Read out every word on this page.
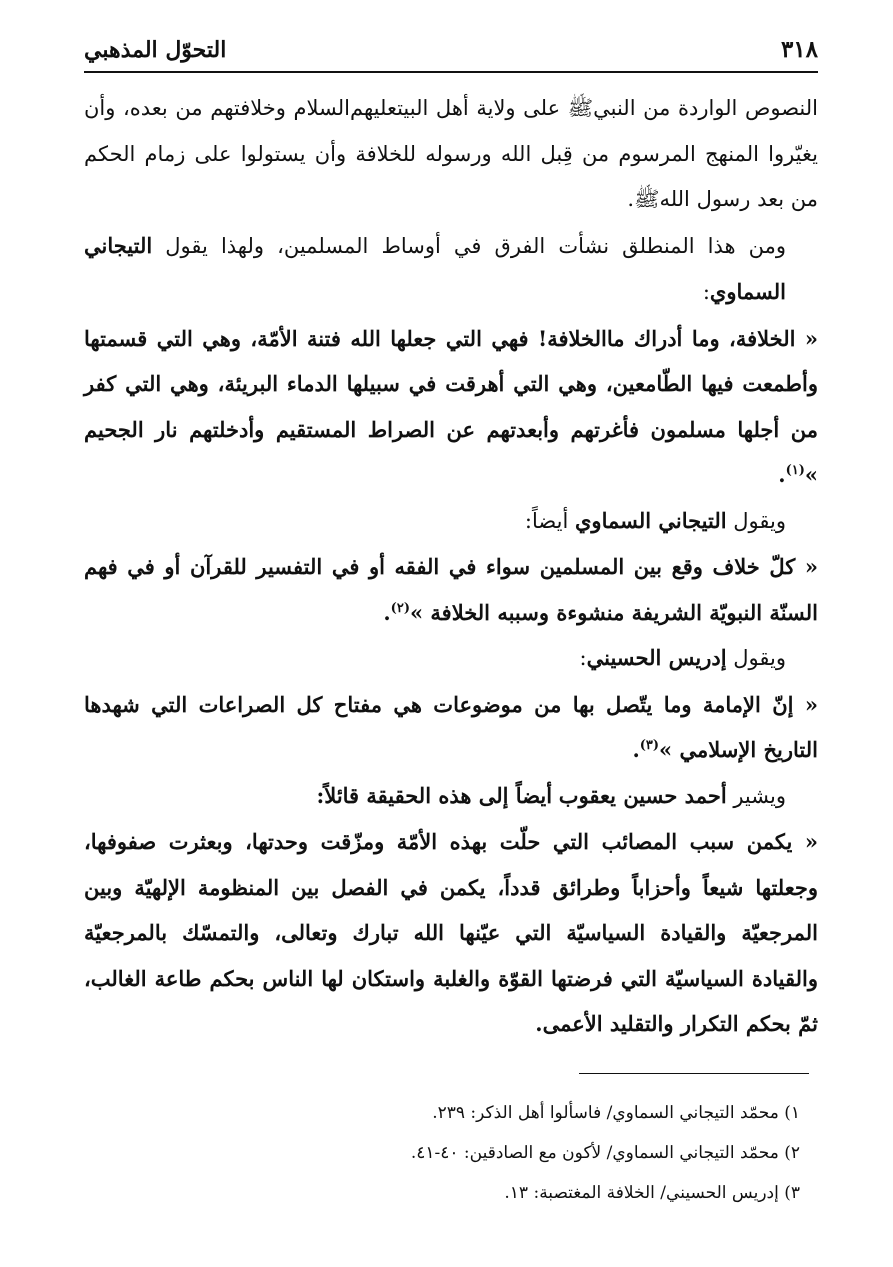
٣١٨
التحوّل المذهبي

النصوص الواردة من النبيﷺ على ولاية أهل البيتعليهم‌السلام وخلافتهم من بعده، وأن يغيّروا المنهج المرسوم من قِبل الله ورسوله للخلافة وأن يستولوا على زمام الحكم من بعد رسول اللهﷺ.

ومن هذا المنطلق نشأت الفرق في أوساط المسلمين، ولهذا يقول التيجاني السماوي:

« الخلافة، وما أدراك ماالخلافة! فهي التي جعلها الله فتنة الأمّة، وهي التي قسمتها وأطمعت فيها الطّامعين، وهي التي أهرقت في سبيلها الدماء البريئة، وهي التي كفر من أجلها مسلمون فأغرتهم وأبعدتهم عن الصراط المستقيم وأدخلتهم نار الجحيم »$^{(١)}$.

ويقول التيجاني السماوي أيضاً:

« كلّ خلاف وقع بين المسلمين سواء في الفقه أو في التفسير للقرآن أو في فهم السنّة النبويّة الشريفة منشوءة وسببه الخلافة »$^{(٢)}$.

ويقول إدريس الحسيني:

« إنّ الإمامة وما يتّصل بها من موضوعات هي مفتاح كل الصراعات التي شهدها التاريخ الإسلامي »$^{(٣)}$.

ويشير أحمد حسين يعقوب أيضاً إلى هذه الحقيقة قائلاً:

« يكمن سبب المصائب التي حلّت بهذه الأمّة ومزّقت وحدتها، وبعثرت صفوفها، وجعلتها شيعاً وأحزاباً وطرائق قدداً، يكمن في الفصل بين المنظومة الإلهيّة وبين المرجعيّة والقيادة السياسيّة التي عيّنها الله تبارك وتعالى، والتمسّك بالمرجعيّة والقيادة السياسيّة التي فرضتها القوّة والغلبة واستكان لها الناس بحكم طاعة الغالب، ثمّ بحكم التكرار والتقليد الأعمى.

١) محمّد التيجاني السماوي/ فاسألوا أهل الذكر: ٢٣٩.

٢) محمّد التيجاني السماوي/ لأكون مع الصادقين: ٤٠-٤١.

٣) إدريس الحسيني/ الخلافة المغتصبة: ١٣.
